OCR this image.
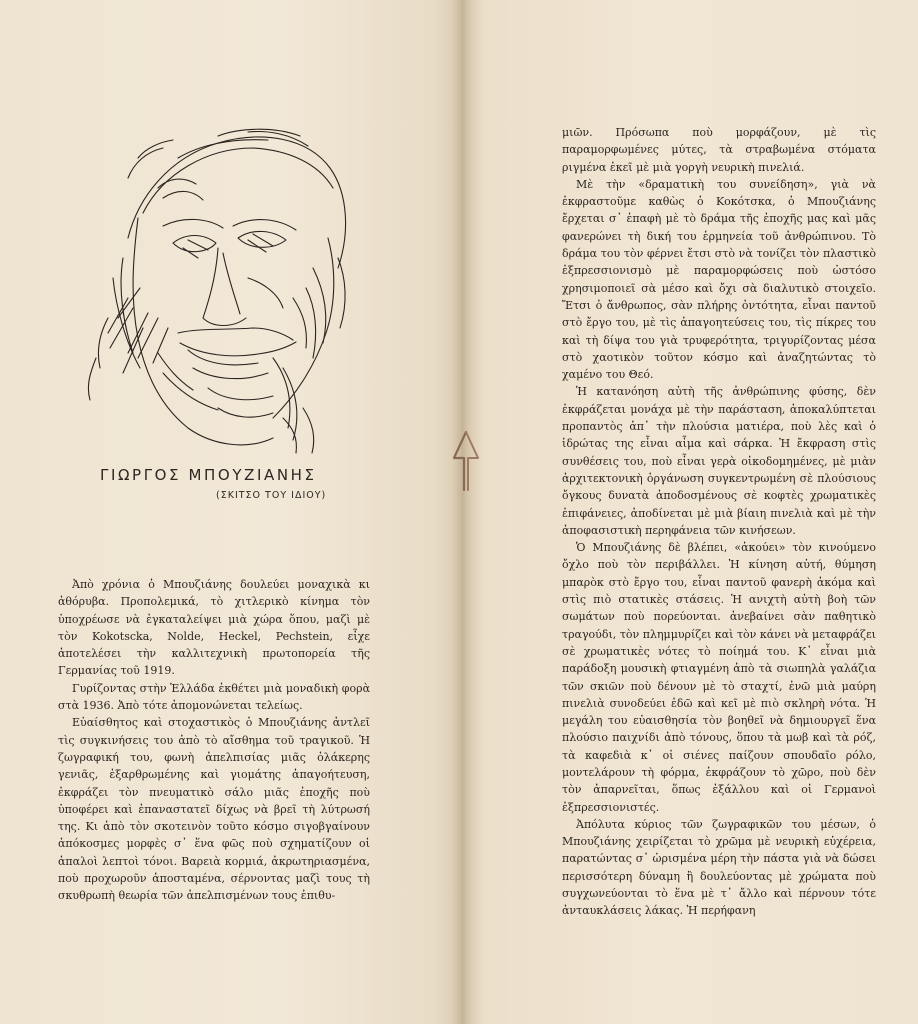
ΓΙΩΡΓΟΣ ΜΠΟΥΖΙΑΝΗΣ
(ΣΚΙΤΣΟ ΤΟΥ ΙΔΙΟΥ)

Ἀπὸ χρόνια ὁ Μπουζιάνης δουλεύει μοναχικὰ κι ἀθόρυβα. Προπολεμικά, τὸ χιτλερικὸ κίνημα τὸν ὑποχρέωσε νὰ ἐγκαταλείψει μιὰ χώρα ὅπου, μαζὶ μὲ τὸν Kokotscka, Nolde, Heckel, Pechstein, εἶχε ἀποτελέσει τὴν καλλιτεχνικὴ πρωτοπορεία τῆς Γερμανίας τοῦ 1919.

Γυρίζοντας στὴν Ἑλλάδα ἐκθέτει μιὰ μοναδικὴ φορὰ στὰ 1936. Ἀπὸ τότε ἀπομονώνεται τελείως.

Εὐαίσθητος καὶ στοχαστικὸς ὁ Μπουζιάνης ἀντλεῖ τὶς συγκινήσεις του ἀπὸ τὸ αἴσθημα τοῦ τραγικοῦ. Ἡ ζωγραφική του, φωνὴ ἀπελπισίας μιᾶς ὁλάκερης γενιᾶς, ἐξαρθρωμένης καὶ γιομάτης ἀπαγοήτευση, ἐκφράζει τὸν πνευματικὸ σάλο μιᾶς ἐποχῆς ποὺ ὑποφέρει καὶ ἐπαναστατεῖ δίχως νὰ βρεῖ τὴ λύτρωσή της. Κι ἀπὸ τὸν σκοτεινὸν τοῦτο κόσμο σιγοβγαίνουν ἀπόκοσμες μορφὲς σ᾿ ἕνα φῶς ποὺ σχηματίζουν οἱ ἁπαλοὶ λεπτοὶ τόνοι. Βαρειὰ κορμιά, ἀκρωτηριασμένα, ποὺ προχωροῦν ἀποσταμένα, σέρνοντας μαζὶ τους τὴ σκυθρωπὴ θεωρία τῶν ἀπελπισμένων τους ἐπιθυ-

μιῶν. Πρόσωπα ποὺ μορφάζουν, μὲ τὶς παραμορφωμένες μύτες, τὰ στραβωμένα στόματα ριγμένα ἐκεῖ μὲ μιὰ γοργὴ νευρικὴ πινελιά.

Μὲ τὴν «δραματικὴ του συνείδηση», γιὰ νὰ ἐκφραστοῦμε καθὼς ὁ Κοκότσκα, ὁ Μπουζιάνης ἔρχεται σ᾿ ἐπαφὴ μὲ τὸ δράμα τῆς ἐποχῆς μας καὶ μᾶς φανερώνει τὴ δική του ἑρμηνεία τοῦ ἀνθρώπινου. Τὸ δράμα του τὸν φέρνει ἔτσι στὸ νὰ τονίζει τὸν πλαστικὸ ἐξπρεσσιονισμὸ μὲ παραμορφώσεις ποὺ ὡστόσο χρησιμοποιεῖ σὰ μέσο καὶ ὄχι σὰ διαλυτικὸ στοιχεῖο. Ἔτσι ὁ ἄνθρωπος, σὰν πλήρης ὀντότητα, εἶναι παντοῦ στὸ ἔργο του, μὲ τὶς ἀπαγοητεύσεις του, τὶς πίκρες του καὶ τὴ δίψα του γιὰ τρυφερότητα, τριγυρίζοντας μέσα στὸ χαοτικὸν τοῦτον κόσμο καὶ ἀναζητώντας τὸ χαμένο του Θεό.

Ἡ κατανόηση αὐτὴ τῆς ἀνθρώπινης φύσης, δὲν ἐκφράζεται μονάχα μὲ τὴν παράσταση, ἀποκαλύπτεται προπαντὸς ἀπ᾿ τὴν πλούσια ματιέρα, ποὺ λὲς καὶ ὁ ἱδρώτας της εἶναι αἷμα καὶ σάρκα. Ἡ ἔκφραση στὶς συνθέσεις του, ποὺ εἶναι γερὰ οἰκοδομημένες, μὲ μιὰν ἀρχιτεκτονικὴ ὀργάνωση συγκεντρωμένη σὲ πλούσιους ὄγκους δυνατὰ ἀποδοσμένους σὲ κοφτὲς χρωματικὲς ἐπιφάνειες, ἀποδίνεται μὲ μιὰ βίαιη πινελιὰ καὶ μὲ τὴν ἀποφασιστικὴ περηφάνεια τῶν κινήσεων.

Ὁ Μπουζιάνης δὲ βλέπει, «ἀκούει» τὸν κινούμενο ὄχλο ποὺ τὸν περιβάλλει. Ἡ κίνηση αὐτή, θύμηση μπαρὸκ στὸ ἔργο του, εἶναι παντοῦ φανερὴ ἀκόμα καὶ στὶς πιὸ στατικὲς στάσεις. Ἡ ανιχτὴ αὐτὴ βοὴ τῶν σωμάτων ποὺ πορεύονται. ἀνεβαίνει σὰν παθητικὸ τραγούδι, τὸν πλημμυρίζει καὶ τὸν κάνει νὰ μεταφράζει σὲ χρωματικὲς νότες τὸ ποίημά του. Κ᾿ εἶναι μιὰ παράδοξη μουσικὴ φτιαγμένη ἀπὸ τὰ σιωπηλὰ γαλάζια τῶν σκιῶν ποὺ δένουν μὲ τὸ σταχτί, ἐνῶ μιὰ μαύρη πινελιὰ συνοδεύει ἐδῶ καὶ κεῖ μὲ πιὸ σκληρὴ νότα. Ἡ μεγάλη του εὐαισθησία τὸν βοηθεῖ νὰ δημιουργεῖ ἕνα πλούσιο παιχνίδι ἀπὸ τόνους, ὅπου τὰ μωβ καὶ τὰ ρόζ, τὰ καφεδιὰ κ᾿ οἱ σιένες παίζουν σπουδαῖο ρόλο, μοντελάρουν τὴ φόρμα, ἐκφράζουν τὸ χῶρο, ποὺ δὲν τὸν ἀπαρνεῖται, ὅπως ἐξάλλου καὶ οἱ Γερμανοὶ ἐξπρεσσιονιστές.

Ἀπόλυτα κύριος τῶν ζωγραφικῶν του μέσων, ὁ Μπουζιάνης χειρίζεται τὸ χρῶμα μὲ νευρικὴ εὐχέρεια, παρατώντας σ᾿ ὡρισμένα μέρη τὴν πάστα γιὰ νὰ δώσει περισσότερη δύναμη ἢ δουλεύοντας μὲ χρώματα ποὺ συγχωνεύονται τὸ ἕνα μὲ τ᾿ ἄλλο καὶ πέρνουν τότε ἀνταυκλάσεις λάκας. Ἡ περήφανη
